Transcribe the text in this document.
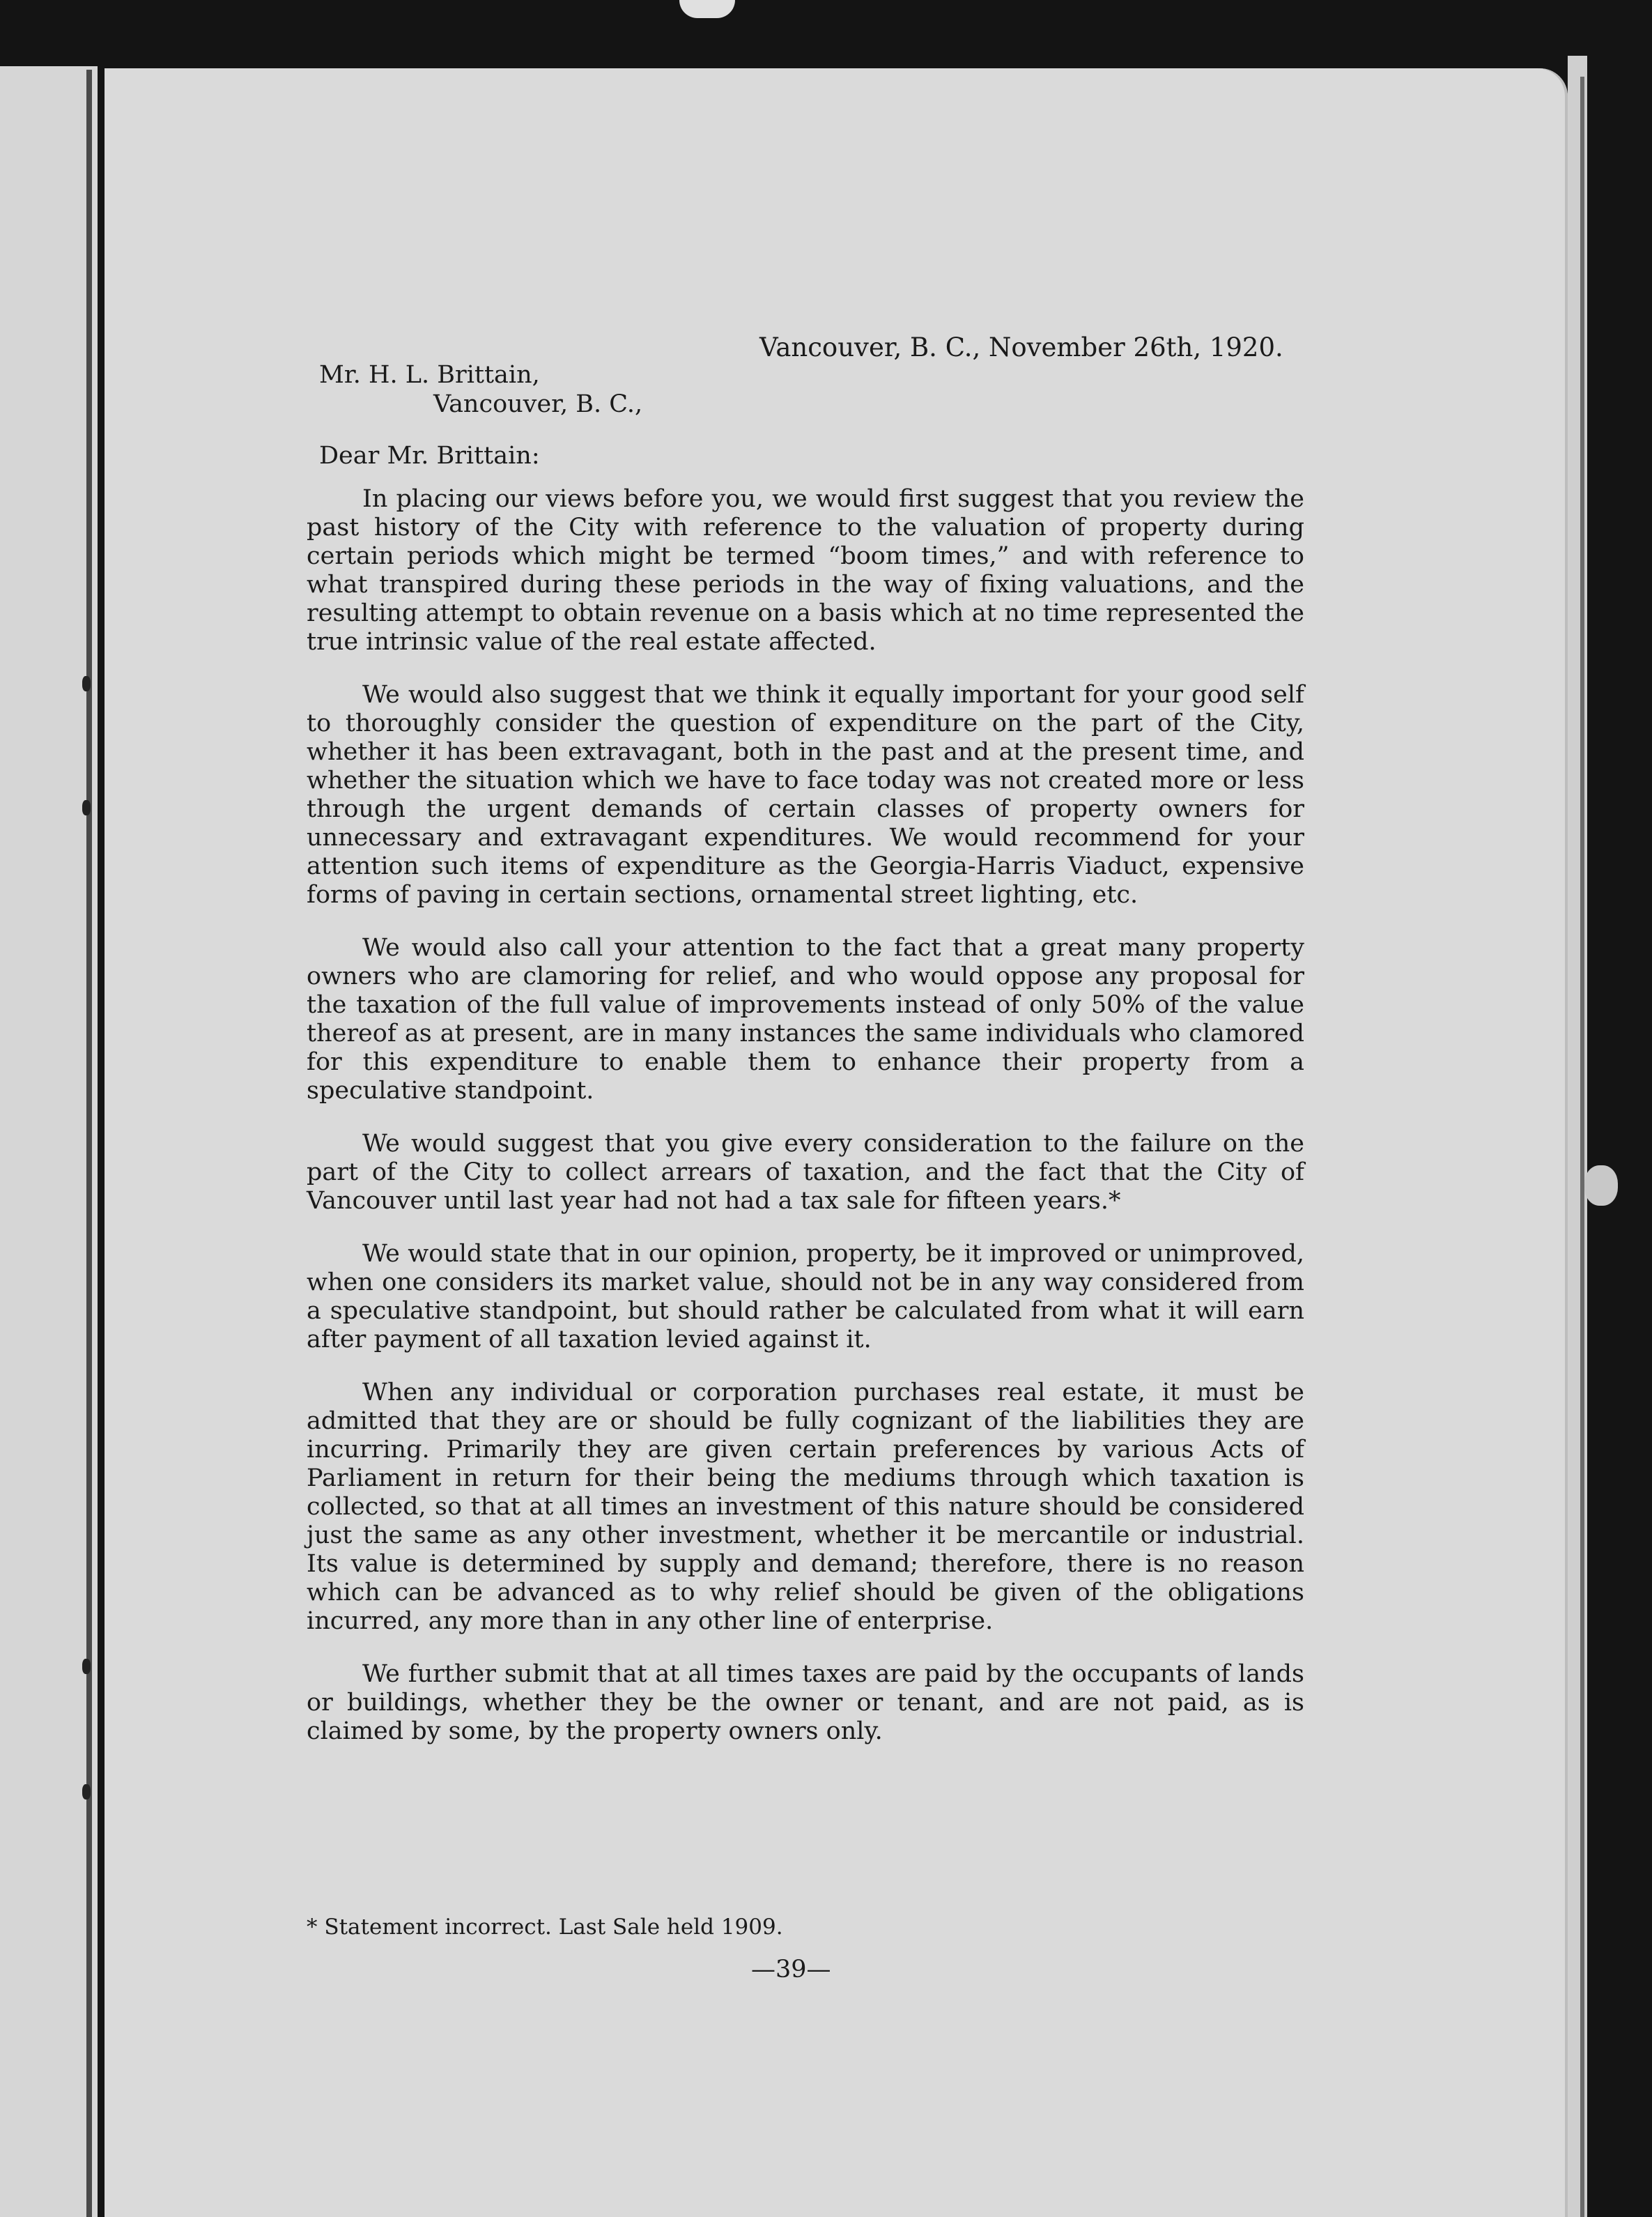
Vancouver, B. C., November 26th, 1920.
Mr. H. L. Brittain,
Vancouver, B. C.,
Dear Mr. Brittain:

In placing our views before you, we would first suggest that you review the past history of the City with reference to the valuation of property during certain periods which might be termed “boom times,” and with reference to what transpired during these periods in the way of fixing valuations, and the resulting attempt to obtain revenue on a basis which at no time represented the true intrinsic value of the real estate affected.

We would also suggest that we think it equally important for your good self to thoroughly consider the question of expenditure on the part of the City, whether it has been extravagant, both in the past and at the present time, and whether the situation which we have to face today was not created more or less through the urgent demands of certain classes of property owners for unnecessary and extravagant expenditures. We would recommend for your attention such items of expenditure as the Georgia-Harris Viaduct, expensive forms of paving in certain sections, ornamental street lighting, etc.

We would also call your attention to the fact that a great many property owners who are clamoring for relief, and who would oppose any proposal for the taxation of the full value of improvements instead of only 50% of the value thereof as at present, are in many instances the same individuals who clamored for this expenditure to enable them to enhance their property from a speculative standpoint.

We would suggest that you give every consideration to the failure on the part of the City to collect arrears of taxation, and the fact that the City of Vancouver until last year had not had a tax sale for fifteen years.*

We would state that in our opinion, property, be it improved or unimproved, when one considers its market value, should not be in any way considered from a speculative standpoint, but should rather be calculated from what it will earn after payment of all taxation levied against it.

When any individual or corporation purchases real estate, it must be admitted that they are or should be fully cognizant of the liabilities they are incurring. Primarily they are given certain preferences by various Acts of Parliament in return for their being the mediums through which taxation is collected, so that at all times an investment of this nature should be considered just the same as any other investment, whether it be mercantile or industrial. Its value is determined by supply and demand; therefore, there is no reason which can be advanced as to why relief should be given of the obligations incurred, any more than in any other line of enterprise.

We further submit that at all times taxes are paid by the occupants of lands or buildings, whether they be the owner or tenant, and are not paid, as is claimed by some, by the property owners only.

* Statement incorrect. Last Sale held 1909.
—39—
